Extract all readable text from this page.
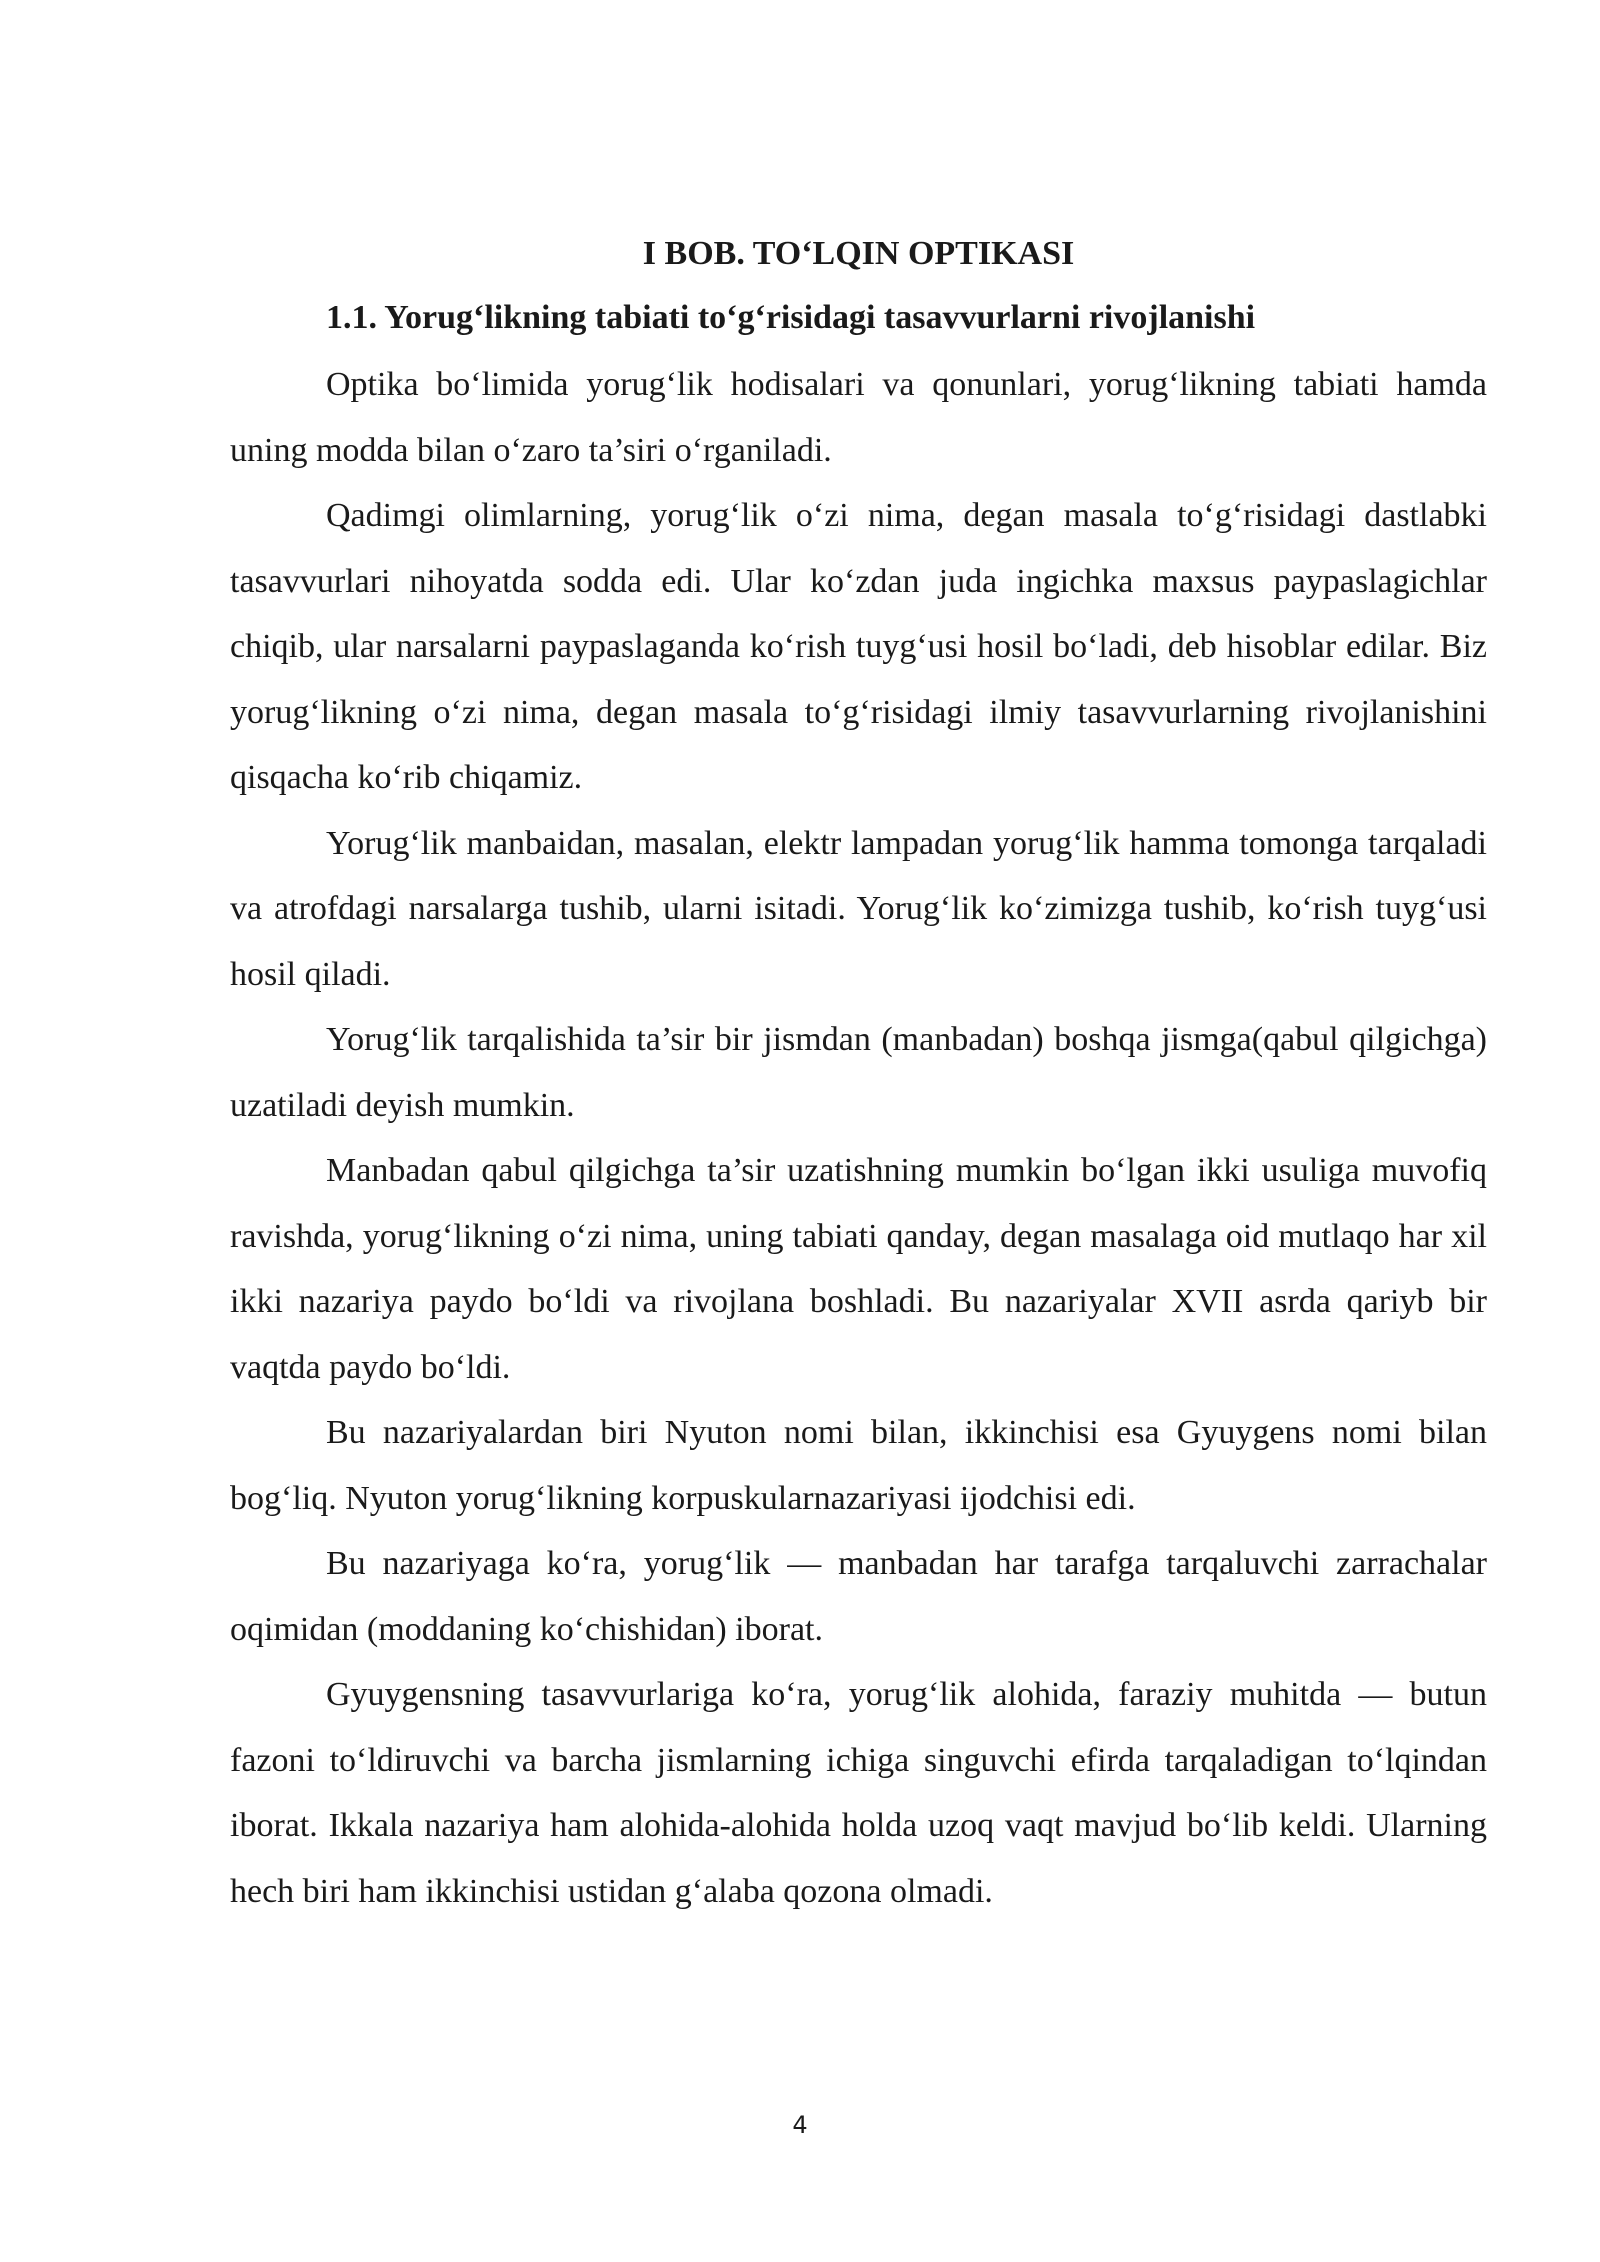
I BOB. TO‘LQIN OPTIKASI
1.1. Yorug‘likning tabiati to‘g‘risidagi tasavvurlarni rivojlanishi

Optika bo‘limida yorug‘lik hodisalari va qonunlari, yorug‘likning tabiati hamda uning modda bilan o‘zaro ta’siri o‘rganiladi.

Qadimgi olimlarning, yorug‘lik o‘zi nima, degan masala to‘g‘risidagi dastlabki tasavvurlari nihoyatda sodda edi. Ular ko‘zdan juda ingichka maxsus paypaslagichlar chiqib, ular narsalarni paypaslaganda ko‘rish tuyg‘usi hosil bo‘ladi, deb hisoblar edilar. Biz yorug‘likning o‘zi nima, degan masala to‘g‘risidagi ilmiy tasavvurlarning rivojlanishini qisqacha ko‘rib chiqamiz.

Yorug‘lik manbaidan, masalan, elektr lampadan yorug‘lik hamma tomonga tarqaladi va atrofdagi narsalarga tushib, ularni isitadi. Yorug‘lik ko‘zimizga tushib, ko‘rish tuyg‘usi hosil qiladi.

Yorug‘lik tarqalishida ta’sir bir jismdan (manbadan) boshqa jismga(qabul qilgichga) uzatiladi deyish mumkin.

Manbadan qabul qilgichga ta’sir uzatishning mumkin bo‘lgan ikki usuliga muvofiq ravishda, yorug‘likning o‘zi nima, uning tabiati qanday, degan masalaga oid mutlaqo har xil ikki nazariya paydo bo‘ldi va rivojlana boshladi. Bu nazariyalar XVII asrda qariyb bir vaqtda paydo bo‘ldi.

Bu nazariyalardan biri Nyuton nomi bilan, ikkinchisi esa Gyuygens nomi bilan bog‘liq. Nyuton yorug‘likning korpuskularnazariyasi ijodchisi edi.

Bu nazariyaga ko‘ra, yorug‘lik — manbadan har tarafga tarqaluvchi zarrachalar oqimidan (moddaning ko‘chishidan) iborat.

Gyuygensning tasavvurlariga ko‘ra, yorug‘lik alohida, faraziy muhitda — butun fazoni to‘ldiruvchi va barcha jismlarning ichiga singuvchi efirda tarqaladigan to‘lqindan iborat. Ikkala nazariya ham alohida-alohida holda uzoq vaqt mavjud bo‘lib keldi. Ularning hech biri ham ikkinchisi ustidan g‘alaba qozona olmadi.

4
